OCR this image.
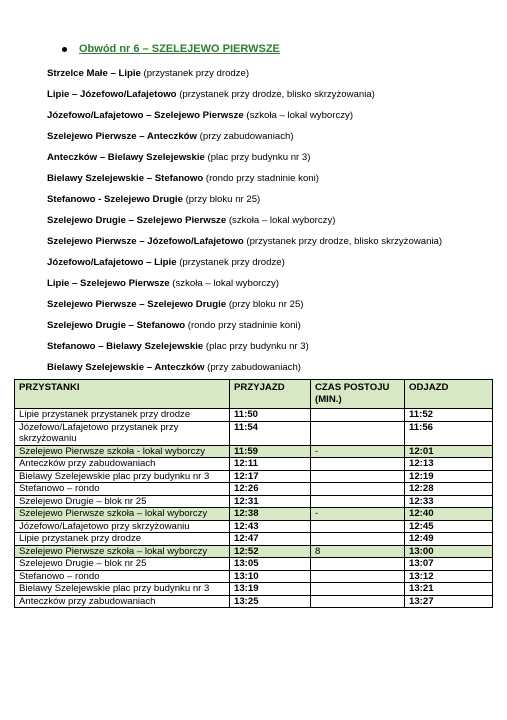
Obwód nr 6 – SZELEJEWO PIERWSZE
Strzelce Małe – Lipie (przystanek przy drodze)
Lipie – Józefowo/Lafajetowo (przystanek przy drodze, blisko skrzyżowania)
Józefowo/Lafajetowo – Szelejewo Pierwsze (szkoła – lokal wyborczy)
Szelejewo Pierwsze – Anteczków (przy zabudowaniach)
Anteczków – Bielawy Szelejewskie (plac przy budynku nr 3)
Bielawy Szelejewskie – Stefanowo (rondo przy stadninie koni)
Stefanowo - Szelejewo Drugie (przy bloku nr 25)
Szelejewo Drugie – Szelejewo Pierwsze (szkoła – lokal wyborczy)
Szelejewo Pierwsze – Józefowo/Lafajetowo (przystanek przy drodze, blisko skrzyżowania)
Józefowo/Lafajetowo – Lipie (przystanek przy drodze)
Lipie – Szelejewo Pierwsze (szkoła – lokal wyborczy)
Szelejewo Pierwsze – Szelejewo Drugie (przy bloku nr 25)
Szelejewo Drugie – Stefanowo (rondo przy stadninie koni)
Stefanowo – Bielawy Szelejewskie (plac przy budynku nr 3)
Bielawy Szelejewskie – Anteczków (przy zabudowaniach)
PRZYSTANKI	PRZYJAZD	CZAS POSTOJU (MIN.)	ODJAZD
Lipie przystanek przystanek przy drodze	11:50		11:52
Józefowo/Lafajetowo przystanek przy skrzyżowaniu	11:54		11:56
Szelejewo Pierwsze szkoła - lokal wyborczy	11:59	-	12:01
Anteczków przy zabudowaniach	12:11		12:13
Bielawy Szelejewskie plac przy budynku nr 3	12:17		12:19
Stefanowo – rondo	12:26		12:28
Szelejewo Drugie – blok nr 25	12:31		12:33
Szelejewo Pierwsze szkoła – lokal wyborczy	12:38	-	12:40
Józefowo/Lafajetowo przy skrzyżowaniu	12:43		12:45
Lipie przystanek przy drodze	12:47		12:49
Szelejewo Pierwsze szkoła – lokal wyborczy	12:52	8	13:00
Szelejewo Drugie – blok nr 25	13:05		13:07
Stefanowo – rondo	13:10		13:12
Bielawy Szelejewskie plac przy budynku nr 3	13:19		13:21
Anteczków przy zabudowaniach	13:25		13:27
